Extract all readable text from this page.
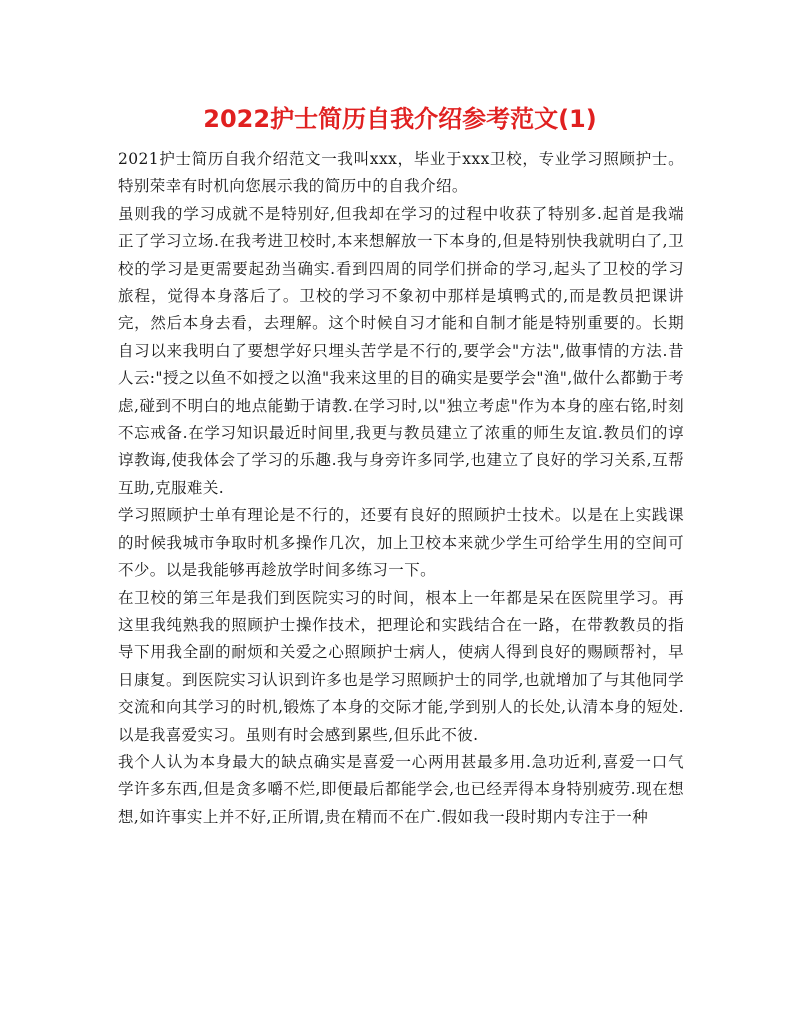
2022护士简历自我介绍参考范文(1)

2021护士简历自我介绍范文一我叫xxx，毕业于xxx卫校，专业学习照顾护士。特别荣幸有时机向您展示我的简历中的自我介绍。

虽则我的学习成就不是特别好,但我却在学习的过程中收获了特别多.起首是我端正了学习立场.在我考进卫校时,本来想解放一下本身的,但是特别快我就明白了,卫校的学习是更需要起劲当确实.看到四周的同学们拼命的学习,起头了卫校的学习旅程，觉得本身落后了。卫校的学习不象初中那样是填鸭式的,而是教员把课讲完，然后本身去看，去理解。这个时候自习才能和自制才能是特别重要的。长期自习以来我明白了要想学好只埋头苦学是不行的,要学会"方法",做事情的方法.昔人云:"授之以鱼不如授之以渔"我来这里的目的确实是要学会"渔",做什么都勤于考虑,碰到不明白的地点能勤于请教.在学习时,以"独立考虑"作为本身的座右铭,时刻不忘戒备.在学习知识最近时间里,我更与教员建立了浓重的师生友谊.教员们的谆谆教诲,使我体会了学习的乐趣.我与身旁许多同学,也建立了良好的学习关系,互帮互助,克服难关.

学习照顾护士单有理论是不行的，还要有良好的照顾护士技术。以是在上实践课的时候我城市争取时机多操作几次，加上卫校本来就少学生可给学生用的空间可不少。以是我能够再趁放学时间多练习一下。

在卫校的第三年是我们到医院实习的时间，根本上一年都是呆在医院里学习。再这里我纯熟我的照顾护士操作技术，把理论和实践结合在一路，在带教教员的指导下用我全副的耐烦和关爱之心照顾护士病人，使病人得到良好的赐顾帮衬，早日康复。到医院实习认识到许多也是学习照顾护士的同学,也就增加了与其他同学交流和向其学习的时机,锻炼了本身的交际才能,学到别人的长处,认清本身的短处.以是我喜爱实习。虽则有时会感到累些,但乐此不彼.

我个人认为本身最大的缺点确实是喜爱一心两用甚最多用.急功近利,喜爱一口气学许多东西,但是贪多嚼不烂,即便最后都能学会,也已经弄得本身特别疲劳.现在想想,如许事实上并不好,正所谓,贵在精而不在广.假如我一段时期内专注于一种
